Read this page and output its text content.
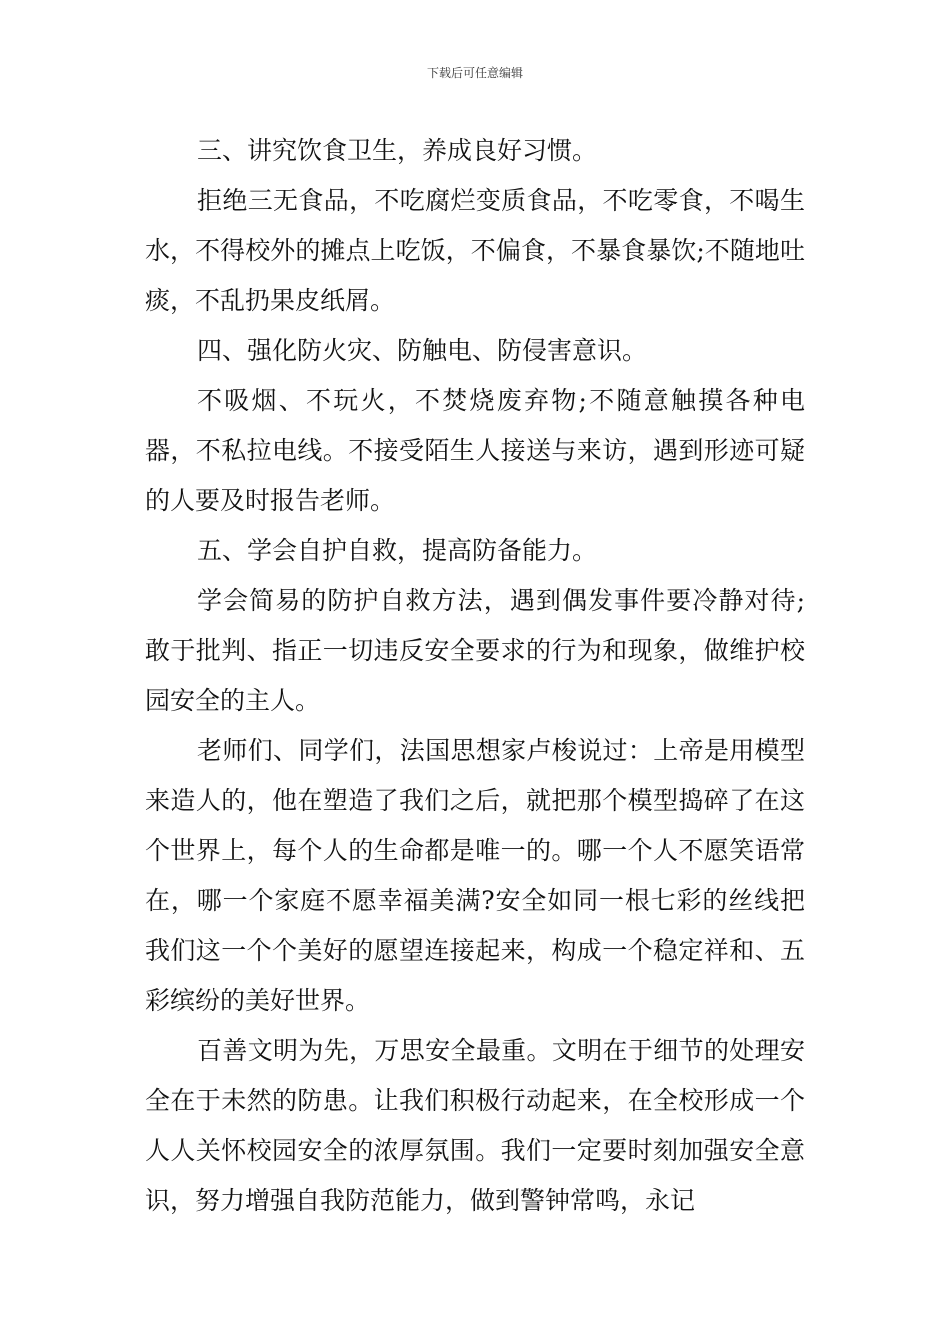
下载后可任意编辑

三、讲究饮食卫生，养成良好习惯。

拒绝三无食品，不吃腐烂变质食品，不吃零食，不喝生水，不得校外的摊点上吃饭，不偏食，不暴食暴饮;不随地吐痰，不乱扔果皮纸屑。

四、强化防火灾、防触电、防侵害意识。

不吸烟、不玩火，不焚烧废弃物;不随意触摸各种电器，不私拉电线。不接受陌生人接送与来访，遇到形迹可疑的人要及时报告老师。

五、学会自护自救，提高防备能力。

学会简易的防护自救方法，遇到偶发事件要冷静对待;敢于批判、指正一切违反安全要求的行为和现象，做维护校园安全的主人。

老师们、同学们，法国思想家卢梭说过：上帝是用模型来造人的，他在塑造了我们之后，就把那个模型捣碎了在这个世界上，每个人的生命都是唯一的。哪一个人不愿笑语常在，哪一个家庭不愿幸福美满?安全如同一根七彩的丝线把我们这一个个美好的愿望连接起来，构成一个稳定祥和、五彩缤纷的美好世界。

百善文明为先，万思安全最重。文明在于细节的处理安全在于未然的防患。让我们积极行动起来，在全校形成一个人人关怀校园安全的浓厚氛围。我们一定要时刻加强安全意识，努力增强自我防范能力，做到警钟常鸣，永记
